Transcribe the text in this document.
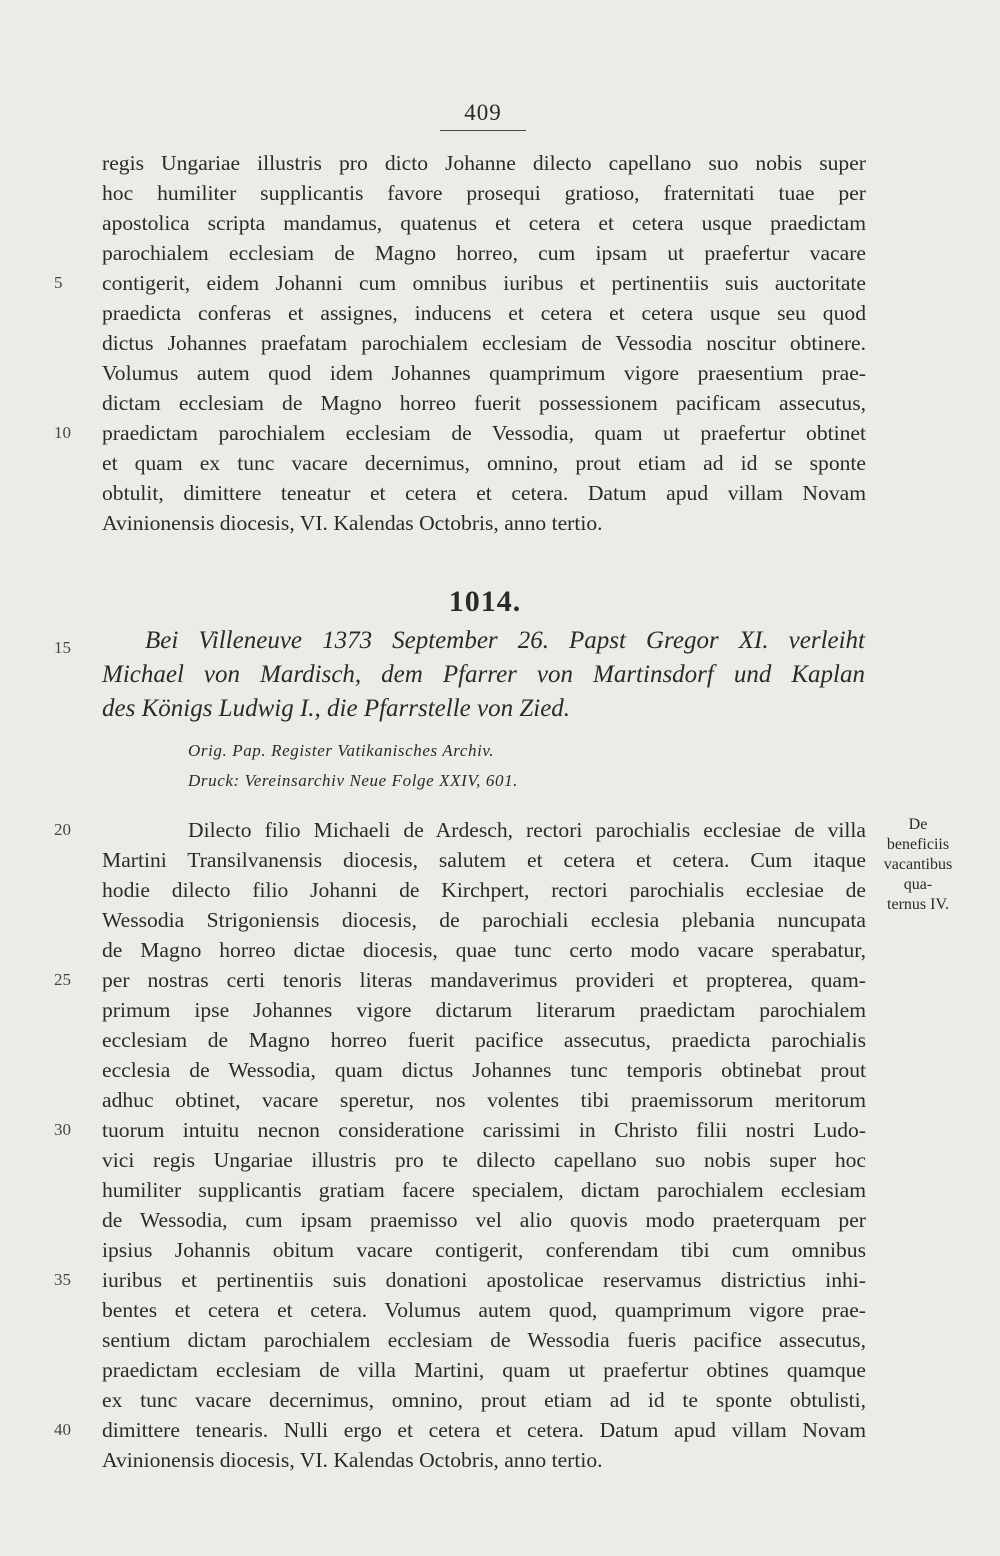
409
regis Ungariae illustris pro dicto Johanne dilecto capellano suo nobis super
hoc humiliter supplicantis favore prosequi gratioso, fraternitati tuae per
apostolica scripta mandamus, quatenus et cetera et cetera usque praedictam
parochialem ecclesiam de Magno horreo, cum ipsam ut praefertur vacare
contigerit, eidem Johanni cum omnibus iuribus et pertinentiis suis auctoritate
praedicta conferas et assignes, inducens et cetera et cetera usque seu quod
dictus Johannes praefatam parochialem ecclesiam de Vessodia noscitur obtinere.
Volumus autem quod idem Johannes quamprimum vigore praesentium prae-
dictam ecclesiam de Magno horreo fuerit possessionem pacificam assecutus,
praedictam parochialem ecclesiam de Vessodia, quam ut praefertur obtinet
et quam ex tunc vacare decernimus, omnino, prout etiam ad id se sponte
obtulit, dimittere teneatur et cetera et cetera. Datum apud villam Novam
Avinionensis diocesis, VI. Kalendas Octobris, anno tertio.
5
10
1014.
Bei Villeneuve 1373 September 26. Papst Gregor XI. verleiht
Michael von Mardisch, dem Pfarrer von Martinsdorf und Kaplan
des Königs Ludwig I., die Pfarrstelle von Zied.
15
Orig. Pap. Register Vatikanisches Archiv.
Druck: Vereinsarchiv Neue Folge XXIV, 601.
De
beneficiis
vacantibus
qua-
ternus IV.
Dilecto filio Michaeli de Ardesch, rectori parochialis ecclesiae de villa
Martini Transilvanensis diocesis, salutem et cetera et cetera. Cum itaque
hodie dilecto filio Johanni de Kirchpert, rectori parochialis ecclesiae de
Wessodia Strigoniensis diocesis, de parochiali ecclesia plebania nuncupata
de Magno horreo dictae diocesis, quae tunc certo modo vacare sperabatur,
per nostras certi tenoris literas mandaverimus provideri et propterea, quam-
primum ipse Johannes vigore dictarum literarum praedictam parochialem
ecclesiam de Magno horreo fuerit pacifice assecutus, praedicta parochialis
ecclesia de Wessodia, quam dictus Johannes tunc temporis obtinebat prout
adhuc obtinet, vacare speretur, nos volentes tibi praemissorum meritorum
tuorum intuitu necnon consideratione carissimi in Christo filii nostri Ludo-
vici regis Ungariae illustris pro te dilecto capellano suo nobis super hoc
humiliter supplicantis gratiam facere specialem, dictam parochialem ecclesiam
de Wessodia, cum ipsam praemisso vel alio quovis modo praeterquam per
ipsius Johannis obitum vacare contigerit, conferendam tibi cum omnibus
iuribus et pertinentiis suis donationi apostolicae reservamus districtius inhi-
bentes et cetera et cetera. Volumus autem quod, quamprimum vigore prae-
sentium dictam parochialem ecclesiam de Wessodia fueris pacifice assecutus,
praedictam ecclesiam de villa Martini, quam ut praefertur obtines quamque
ex tunc vacare decernimus, omnino, prout etiam ad id te sponte obtulisti,
dimittere tenearis. Nulli ergo et cetera et cetera. Datum apud villam Novam
Avinionensis diocesis, VI. Kalendas Octobris, anno tertio.
20
25
30
35
40
